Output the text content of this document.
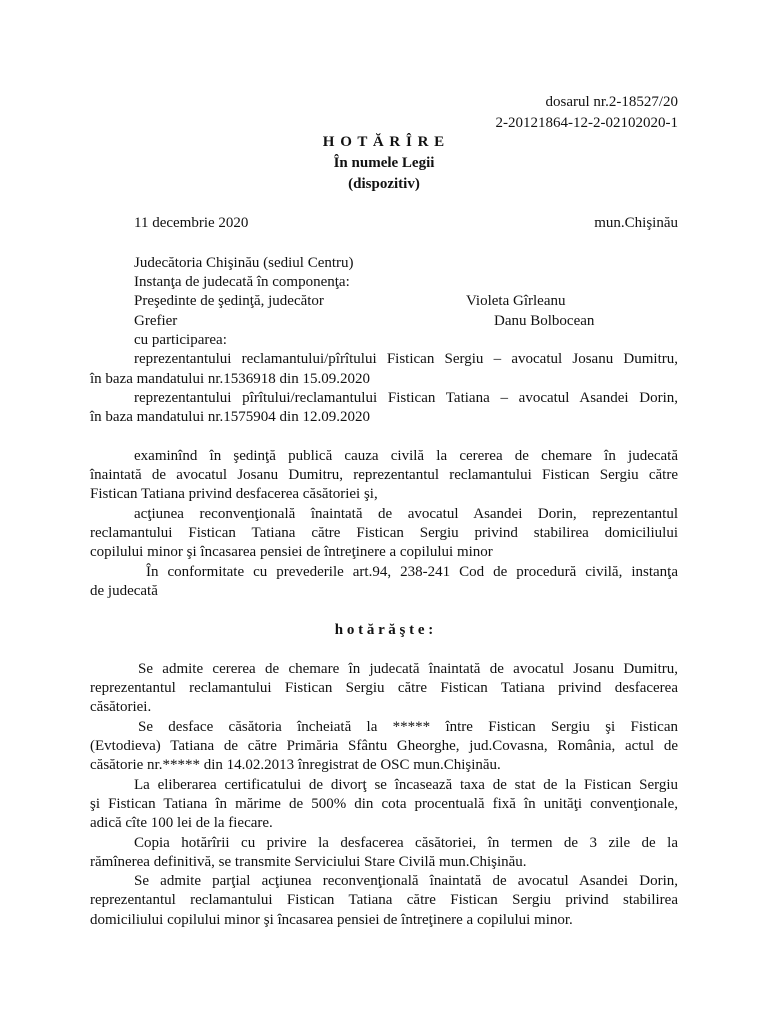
dosarul nr.2-18527/20
2-20121864-12-2-02102020-1
H O T Ă R Î R E
În numele Legii
(dispozitiv)
11 decembrie 2020	mun.Chişinău
Judecătoria Chişinău (sediul Centru)
Instanţa de judecată în componenţa:
Preşedinte de şedinţă, judecător	Violeta Gîrleanu
Grefier	Danu Bolbocean
cu participarea:
reprezentantului reclamantului/pîrîtului Fistican Sergiu – avocatul Josanu Dumitru,
în baza mandatului nr.1536918 din 15.09.2020
reprezentantului pîrîtului/reclamantului Fistican Tatiana – avocatul Asandei Dorin,
în baza mandatului nr.1575904 din 12.09.2020
examinînd în şedinţă publică cauza civilă la cererea de chemare în judecată
înaintată de avocatul Josanu Dumitru, reprezentantul reclamantului Fistican Sergiu către
Fistican Tatiana privind desfacerea căsătoriei şi,
acţiunea reconvenţională înaintată de avocatul Asandei Dorin, reprezentantul
reclamantului Fistican Tatiana către Fistican Sergiu privind stabilirea domiciliului
copilului minor şi încasarea pensiei de întreţinere a copilului minor
În conformitate cu prevederile art.94, 238-241 Cod de procedură civilă, instanţa
de judecată
h o t ă r ă ş t e :
Se admite cererea de chemare în judecată înaintată de avocatul Josanu Dumitru,
reprezentantul reclamantului Fistican Sergiu către Fistican Tatiana privind desfacerea
căsătoriei.
Se desface căsătoria încheiată la ***** între Fistican Sergiu şi Fistican
(Evtodieva) Tatiana de către Primăria Sfântu Gheorghe, jud.Covasna, România, actul de
căsătorie nr.***** din 14.02.2013 înregistrat de OSC mun.Chişinău.
La eliberarea certificatului de divorţ se încasează taxa de stat de la Fistican Sergiu
şi Fistican Tatiana în mărime de 500% din cota procentuală fixă în unităţi convenţionale,
adică cîte 100 lei de la fiecare.
Copia hotărîrii cu privire la desfacerea căsătoriei, în termen de 3 zile de la
rămînerea definitivă, se transmite Serviciului Stare Civilă mun.Chişinău.
Se admite parţial acţiunea reconvenţională înaintată de avocatul Asandei Dorin,
reprezentantul reclamantului Fistican Tatiana către Fistican Sergiu privind stabilirea
domiciliului copilului minor şi încasarea pensiei de întreţinere a copilului minor.
